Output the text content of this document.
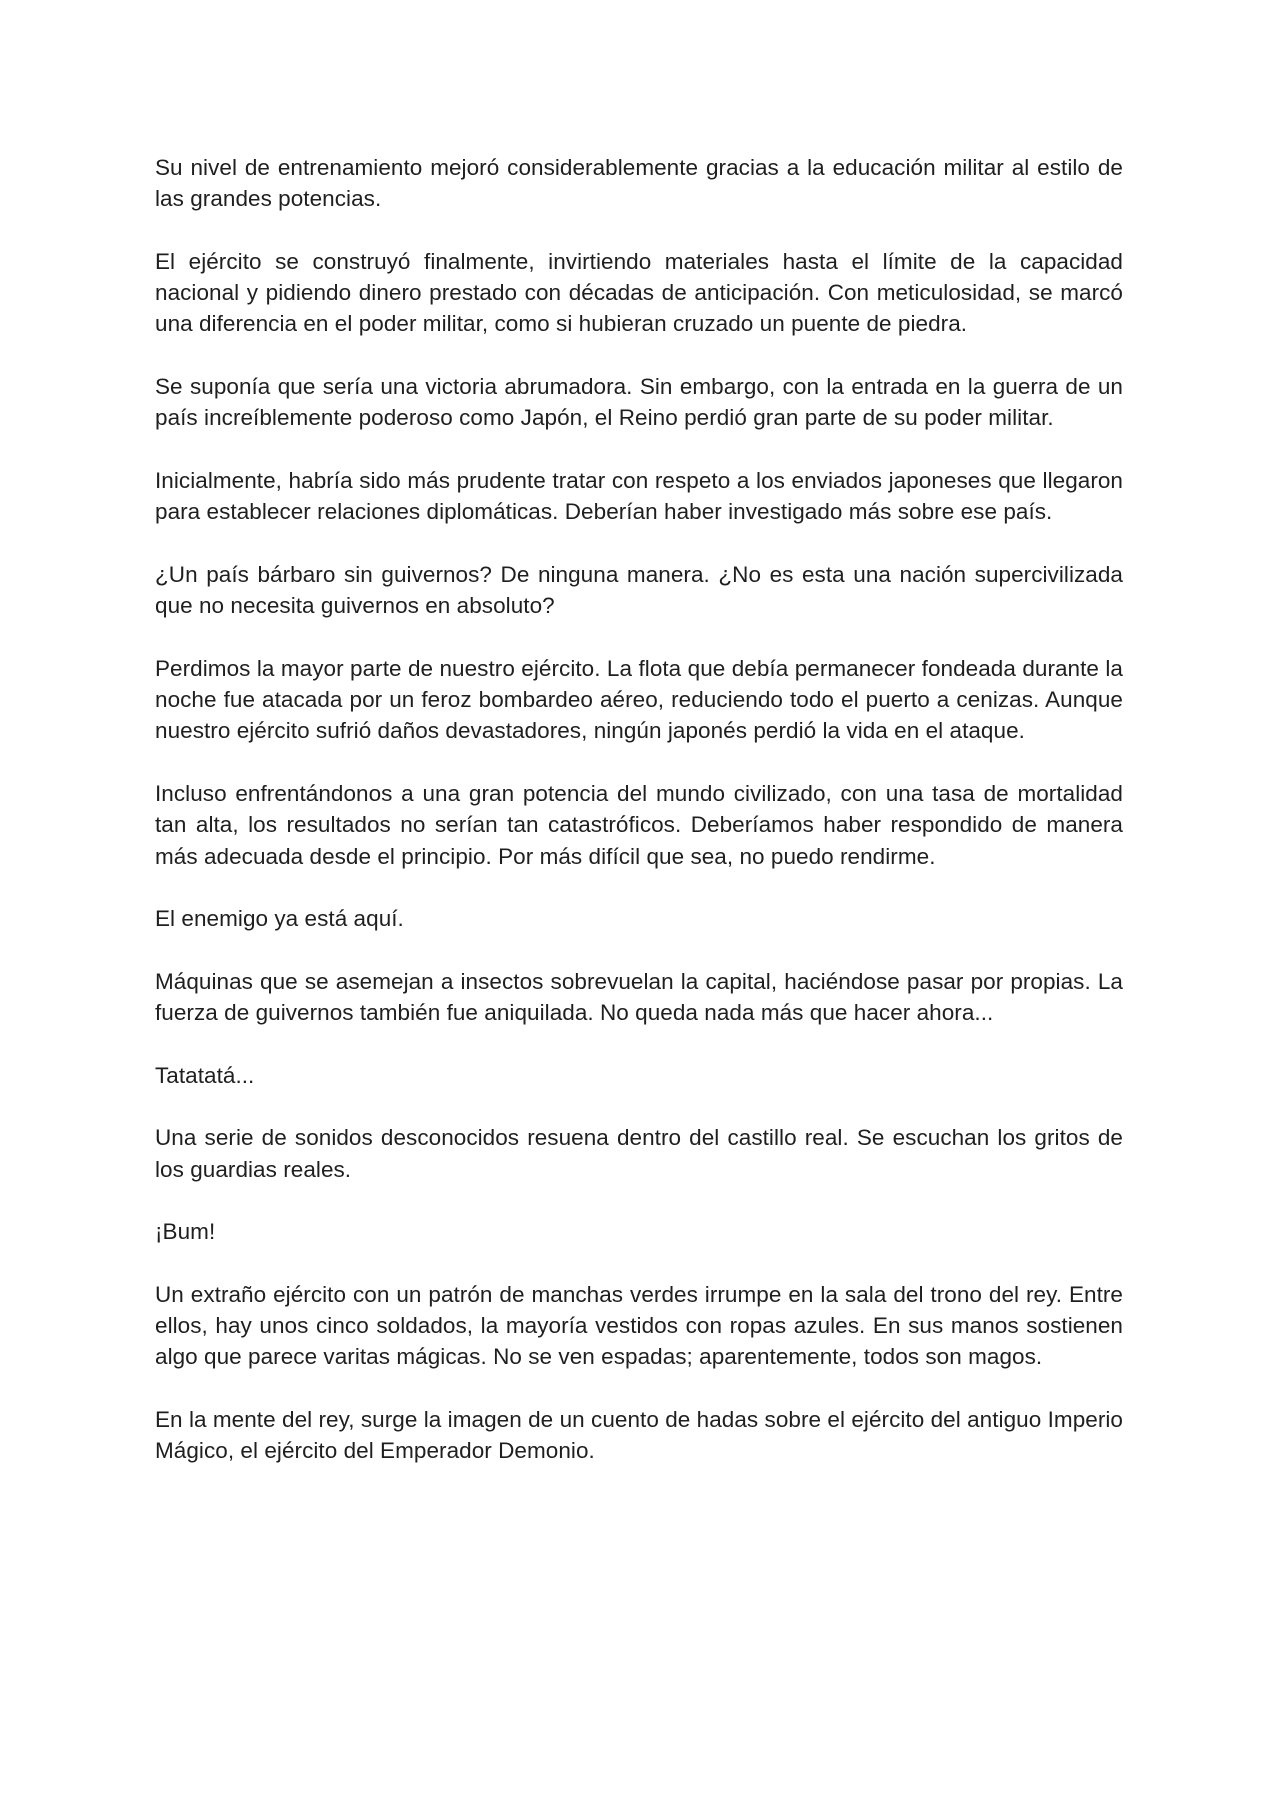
Su nivel de entrenamiento mejoró considerablemente gracias a la educación militar al estilo de las grandes potencias.

El ejército se construyó finalmente, invirtiendo materiales hasta el límite de la capacidad nacional y pidiendo dinero prestado con décadas de anticipación. Con meticulosidad, se marcó una diferencia en el poder militar, como si hubieran cruzado un puente de piedra.

Se suponía que sería una victoria abrumadora. Sin embargo, con la entrada en la guerra de un país increíblemente poderoso como Japón, el Reino perdió gran parte de su poder militar.

Inicialmente, habría sido más prudente tratar con respeto a los enviados japoneses que llegaron para establecer relaciones diplomáticas. Deberían haber investigado más sobre ese país.

¿Un país bárbaro sin guivernos? De ninguna manera. ¿No es esta una nación supercivilizada que no necesita guivernos en absoluto?

Perdimos la mayor parte de nuestro ejército. La flota que debía permanecer fondeada durante la noche fue atacada por un feroz bombardeo aéreo, reduciendo todo el puerto a cenizas. Aunque nuestro ejército sufrió daños devastadores, ningún japonés perdió la vida en el ataque.

Incluso enfrentándonos a una gran potencia del mundo civilizado, con una tasa de mortalidad tan alta, los resultados no serían tan catastróficos. Deberíamos haber respondido de manera más adecuada desde el principio. Por más difícil que sea, no puedo rendirme.

El enemigo ya está aquí.

Máquinas que se asemejan a insectos sobrevuelan la capital, haciéndose pasar por propias. La fuerza de guivernos también fue aniquilada. No queda nada más que hacer ahora...

Tatatatá...

Una serie de sonidos desconocidos resuena dentro del castillo real. Se escuchan los gritos de los guardias reales.

¡Bum!

Un extraño ejército con un patrón de manchas verdes irrumpe en la sala del trono del rey. Entre ellos, hay unos cinco soldados, la mayoría vestidos con ropas azules. En sus manos sostienen algo que parece varitas mágicas. No se ven espadas; aparentemente, todos son magos.

En la mente del rey, surge la imagen de un cuento de hadas sobre el ejército del antiguo Imperio Mágico, el ejército del Emperador Demonio.
